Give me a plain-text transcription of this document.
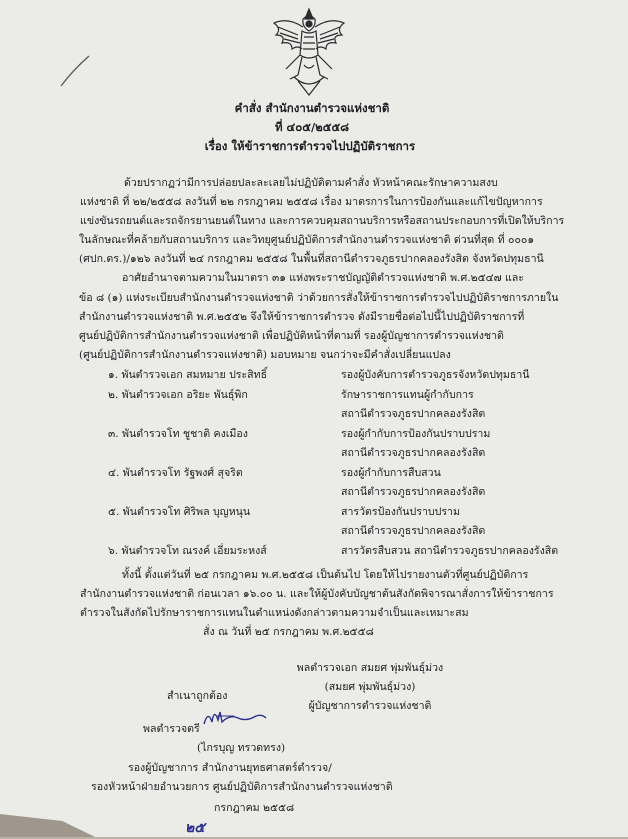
คำสั่ง สำนักงานตำรวจแห่งชาติ
ที่ ๔๐๕/๒๕๕๘
เรื่อง ให้ข้าราชการตำรวจไปปฏิบัติราชการ
ด้วยปรากฏว่ามีการปล่อยปละละเลยไม่ปฏิบัติตามคำสั่ง หัวหน้าคณะรักษาความสงบ
แห่งชาติ ที่ ๒๒/๒๕๕๘ ลงวันที่ ๒๒ กรกฎาคม ๒๕๕๘ เรื่อง มาตรการในการป้องกันและแก้ไขปัญหาการ
แข่งขันรถยนต์และรถจักรยานยนต์ในทาง และการควบคุมสถานบริการหรือสถานประกอบการที่เปิดให้บริการ
ในลักษณะที่คล้ายกับสถานบริการ และวิทยุศูนย์ปฏิบัติการสำนักงานตำรวจแห่งชาติ ด่วนที่สุด ที่ ๐๐๐๑
(ศปก.ตร.)/๑๒๖ ลงวันที่ ๒๔ กรกฎาคม ๒๕๕๘ ในพื้นที่สถานีตำรวจภูธรปากคลองรังสิต จังหวัดปทุมธานี
อาศัยอำนาจตามความในมาตรา ๓๑ แห่งพระราชบัญญัติตำรวจแห่งชาติ พ.ศ.๒๕๔๗ และ
ข้อ ๘ (๑) แห่งระเบียบสำนักงานตำรวจแห่งชาติ ว่าด้วยการสั่งให้ข้าราชการตำรวจไปปฏิบัติราชการภายใน
สำนักงานตำรวจแห่งชาติ พ.ศ.๒๕๕๒ จึงให้ข้าราชการตำรวจ ดังมีรายชื่อต่อไปนี้ไปปฏิบัติราชการที่
ศูนย์ปฏิบัติการสำนักงานตำรวจแห่งชาติ เพื่อปฏิบัติหน้าที่ตามที่ รองผู้บัญชาการตำรวจแห่งชาติ
(ศูนย์ปฏิบัติการสำนักงานตำรวจแห่งชาติ) มอบหมาย จนกว่าจะมีคำสั่งเปลี่ยนแปลง
๑. พันตำรวจเอก สมหมาย ประสิทธิ์	รองผู้บังคับการตำรวจภูธรจังหวัดปทุมธานี
๒. พันตำรวจเอก อริยะ พันธุ์พิก	รักษาราชการแทนผู้กำกับการ
สถานีตำรวจภูธรปากคลองรังสิต
๓. พันตำรวจโท ชูชาติ คงเมือง	รองผู้กำกับการป้องกันปราบปราม
สถานีตำรวจภูธรปากคลองรังสิต
๔. พันตำรวจโท รัฐพงศ์ สุจริต	รองผู้กำกับการสืบสวน
สถานีตำรวจภูธรปากคลองรังสิต
๕. พันตำรวจโท ศิริพล บุญหนุน	สารวัตรป้องกันปราบปราม
สถานีตำรวจภูธรปากคลองรังสิต
๖. พันตำรวจโท ณรงค์ เอี่ยมระหงส์	สารวัตรสืบสวน สถานีตำรวจภูธรปากคลองรังสิต
ทั้งนี้ ตั้งแต่วันที่ ๒๕ กรกฎาคม พ.ศ.๒๕๕๘ เป็นต้นไป โดยให้ไปรายงานตัวที่ศูนย์ปฏิบัติการ
สำนักงานตำรวจแห่งชาติ ก่อนเวลา ๑๖.๐๐ น. และให้ผู้บังคับบัญชาต้นสังกัดพิจารณาสั่งการให้ข้าราชการ
ตำรวจในสังกัดไปรักษาราชการแทนในตำแหน่งดังกล่าวตามความจำเป็นและเหมาะสม
สั่ง ณ วันที่ ๒๕ กรกฎาคม พ.ศ.๒๕๕๘
พลตำรวจเอก สมยศ พุ่มพันธุ์ม่วง
(สมยศ พุ่มพันธุ์ม่วง)
ผู้บัญชาการตำรวจแห่งชาติ
สำเนาถูกต้อง
พลตำรวจตรี
(ไกรบุญ ทรวดทรง)
รองผู้บัญชาการ สำนักงานยุทธศาสตร์ตำรวจ/
รองหัวหน้าฝ่ายอำนวยการ ศูนย์ปฏิบัติการสำนักงานตำรวจแห่งชาติ
๒๕
กรกฎาคม ๒๕๕๘
